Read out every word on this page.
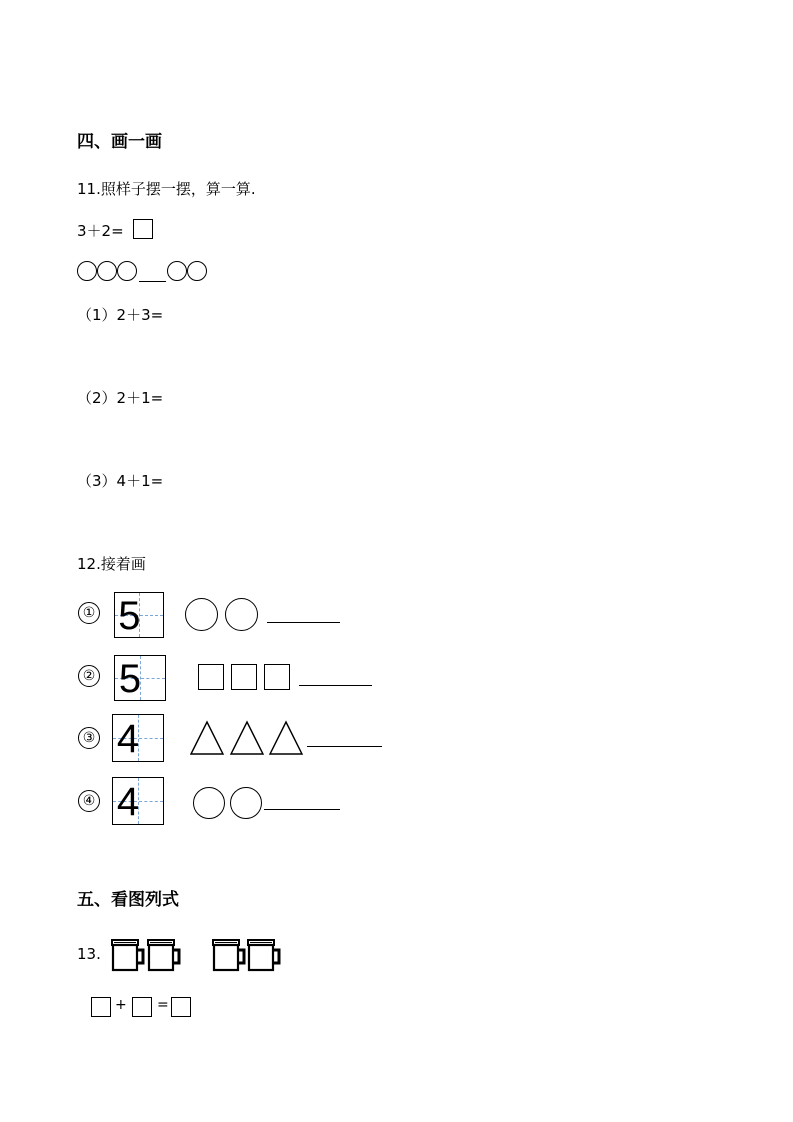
四、画一画
11.照样子摆一摆，算一算.
3＋2=
（1）2＋3=
（2）2＋1=
（3）4＋1=
12.接着画
① 5
② 5
③ 4
④ 4
五、看图列式
13.
+ =
